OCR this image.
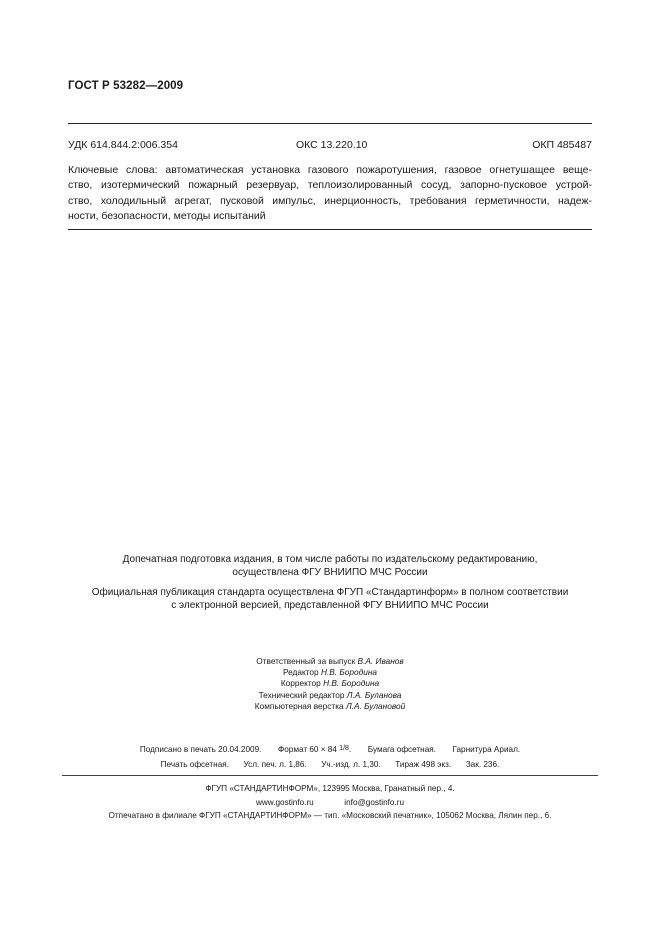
ГОСТ Р 53282—2009
УДК 614.844.2:006.354	ОКС 13.220.10	ОКП 485487
Ключевые слова: автоматическая установка газового пожаротушения, газовое огнетушащее веще-
ство, изотермический пожарный резервуар, теплоизолированный сосуд, запорно-пусковое устрой-
ство, холодильный агрегат, пусковой импульс, инерционность, требования герметичности, надеж-
ности, безопасности, методы испытаний
Допечатная подготовка издания, в том числе работы по издательскому редактированию,
осуществлена ФГУ ВНИИПО МЧС России
Официальная публикация стандарта осуществлена ФГУП «Стандартинформ» в полном соответствии
с электронной версией, представленной ФГУ ВНИИПО МЧС России
Ответственный за выпуск В.А. Иванов
Редактор Н.В. Бородина
Корректор Н.В. Бородина
Технический редактор Л.А. Буланова
Компьютерная верстка Л.А. Булановой
Подписано в печать 20.04.2009. Формат 60 × 84 1/8. Бумага офсетная. Гарнитура Ариал.
Печать офсетная. Усл. печ. л. 1,86. Уч.-изд. л. 1,30. Тираж 498 экз. Зак. 236.
ФГУП «СТАНДАРТИНФОРМ», 123995 Москва, Гранатный пер., 4.
www.gostinfo.ru	info@gostinfo.ru
Отпечатано в филиале ФГУП «СТАНДАРТИНФОРМ» — тип. «Московский печатник», 105062 Москва, Лялин пер., 6.
